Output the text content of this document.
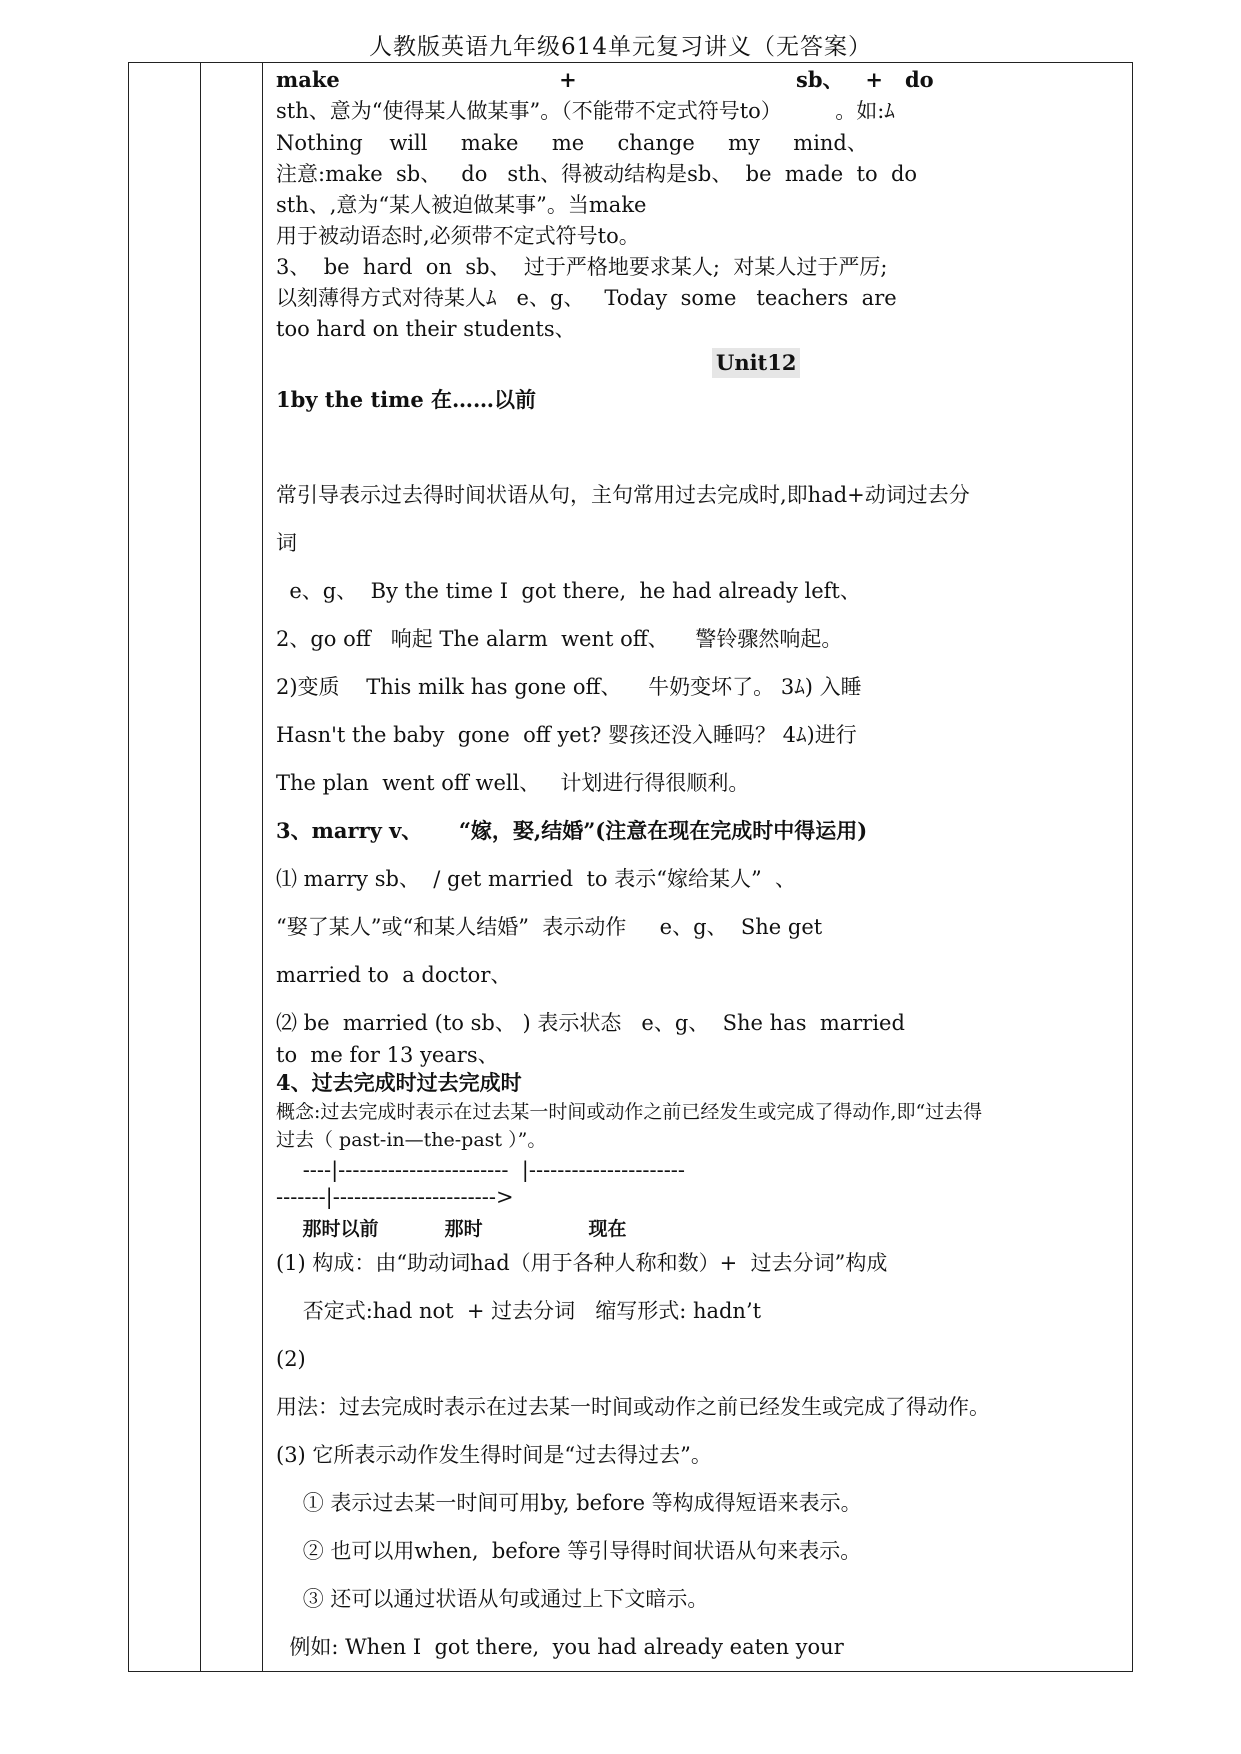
人教版英语九年级614单元复习讲义（无答案）
make                              +                              sb、   +   do
sth、意为“使得某人做某事”。（不能带不定式符号to）        。如:ﾑ
Nothing    will     make     me     change     my     mind、
注意:make  sb、   do   sth、得被动结构是sb、  be  made  to  do
sth、,意为“某人被迫做某事”。当make
用于被动语态时,必须带不定式符号to。
3、  be  hard  on  sb、  过于严格地要求某人;  对某人过于严厉;
以刻薄得方式对待某人ﾑ   e、g、   Today  some   teachers  are
too hard on their students、
Unit12
1by the time 在……以前
常引导表示过去得时间状语从句，主句常用过去完成时,即had+动词过去分
词
e、g、  By the time I  got there,  he had already left、
2、go off   响起 The alarm  went off、    警铃骤然响起。
2)变质    This milk has gone off、    牛奶变坏了。 3ﾑ) 入睡
Hasn't the baby  gone  off yet? 婴孩还没入睡吗？ 4ﾑ)进行
The plan  went off well、   计划进行得很顺利。
3、marry v、     “嫁，娶,结婚”(注意在现在完成时中得运用)
⑴ marry sb、  / get married  to 表示“嫁给某人”  、
“娶了某人”或“和某人结婚”  表示动作     e、g、  She get
married to  a doctor、
⑵ be  married (to sb、 ) 表示状态   e、g、  She has  married
to  me for 13 years、
4、过去完成时过去完成时
概念:过去完成时表示在过去某一时间或动作之前已经发生或完成了得动作,即“过去得
过去（ past-in—the-past ）”。
----|------------------------  |----------------------
-------|----------------------->
那时以前          那时                现在
(1) 构成：由“助动词had（用于各种人称和数）+  过去分词”构成
否定式:had not  + 过去分词   缩写形式: hadn’t
(2)
用法：过去完成时表示在过去某一时间或动作之前已经发生或完成了得动作。
(3) 它所表示动作发生得时间是“过去得过去”。
① 表示过去某一时间可用by, before 等构成得短语来表示。
② 也可以用when,  before 等引导得时间状语从句来表示。
③ 还可以通过状语从句或通过上下文暗示。
例如: When I  got there,  you had already eaten your
